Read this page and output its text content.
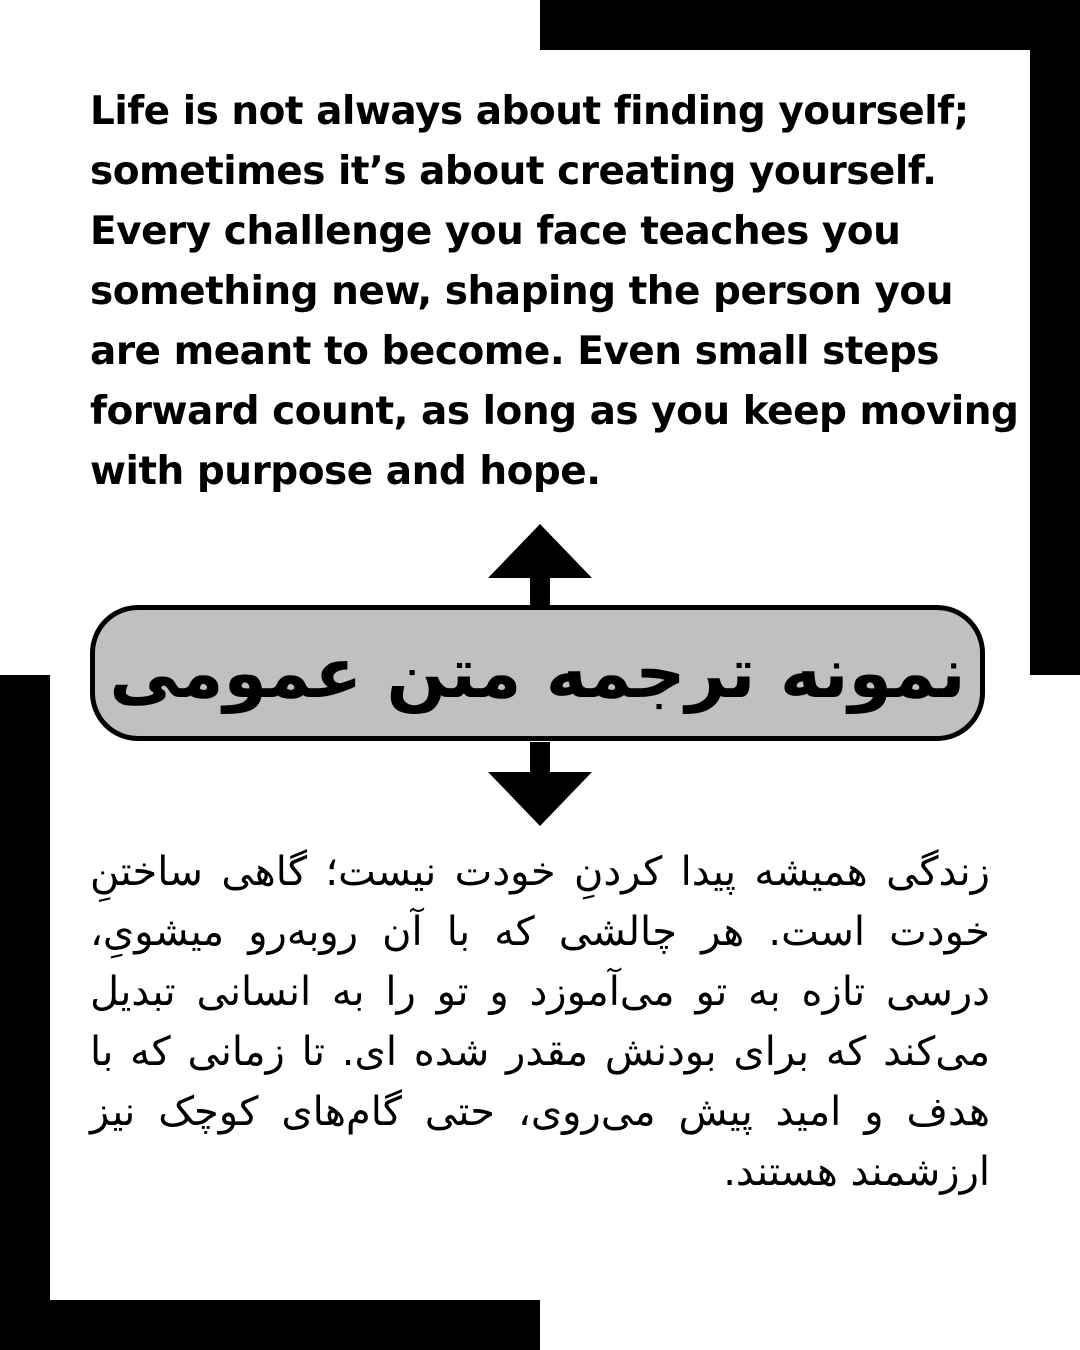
Life is not always about finding yourself; sometimes it’s about creating yourself. Every challenge you face teaches you something new, shaping the person you are meant to become. Even small steps forward count, as long as you keep moving with purpose and hope.

نمونه ترجمه متن عمومی

زندگی همیشه پیدا کردنِ خودت نیست؛ گاهی ساختنِ خودت است. هر چالشی که با آن روبه‌رو میشویِ، درسی تازه به تو می‌آموزد و تو را به انسانی تبدیل می‌کند که برای بودنش مقدر شده ای. تا زمانی که با هدف و امید پیش می‌روی، حتی گام‌های کوچک نیز ارزشمند هستند.
